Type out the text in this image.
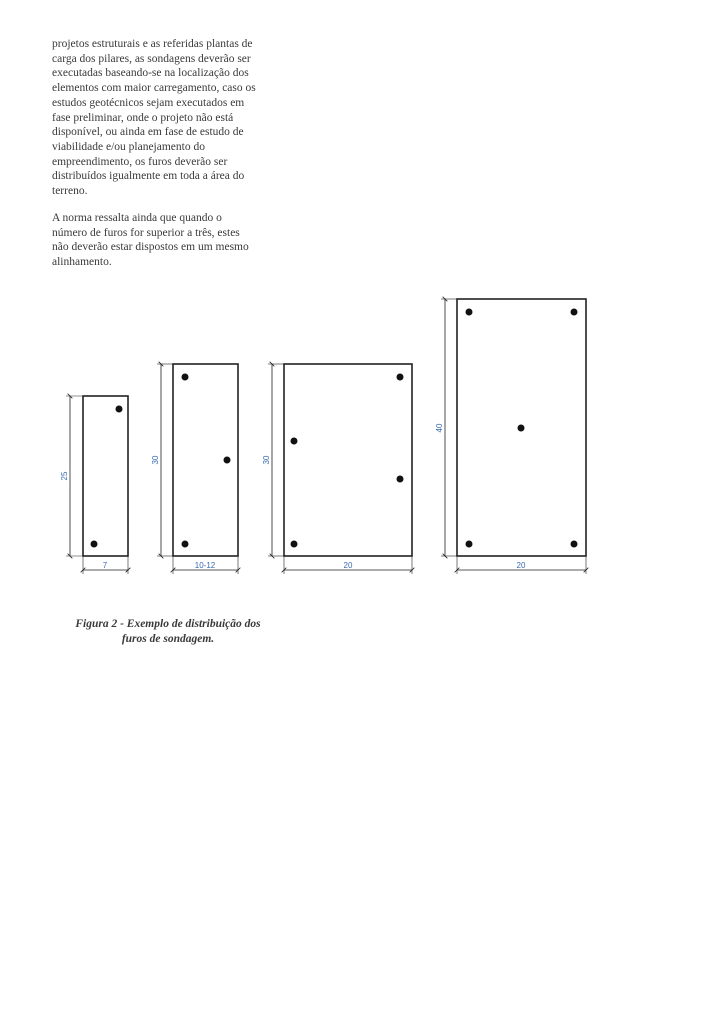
projetos estruturais e as referidas plantas de
carga dos pilares, as sondagens deverão ser
executadas baseando-se na localização dos
elementos com maior carregamento, caso os
estudos geotécnicos sejam executados em
fase preliminar, onde o projeto não está
disponível, ou ainda em fase de estudo de
viabilidade e/ou planejamento do
empreendimento, os furos deverão ser
distribuídos igualmente em toda a área do
terreno.

A norma ressalta ainda que quando o
número de furos for superior a três, estes
não deverão estar dispostos em um mesmo
alinhamento.

25
7
30
10-12
30
20
40
20
Figura 2 - Exemplo de distribuição dos
furos de sondagem.
